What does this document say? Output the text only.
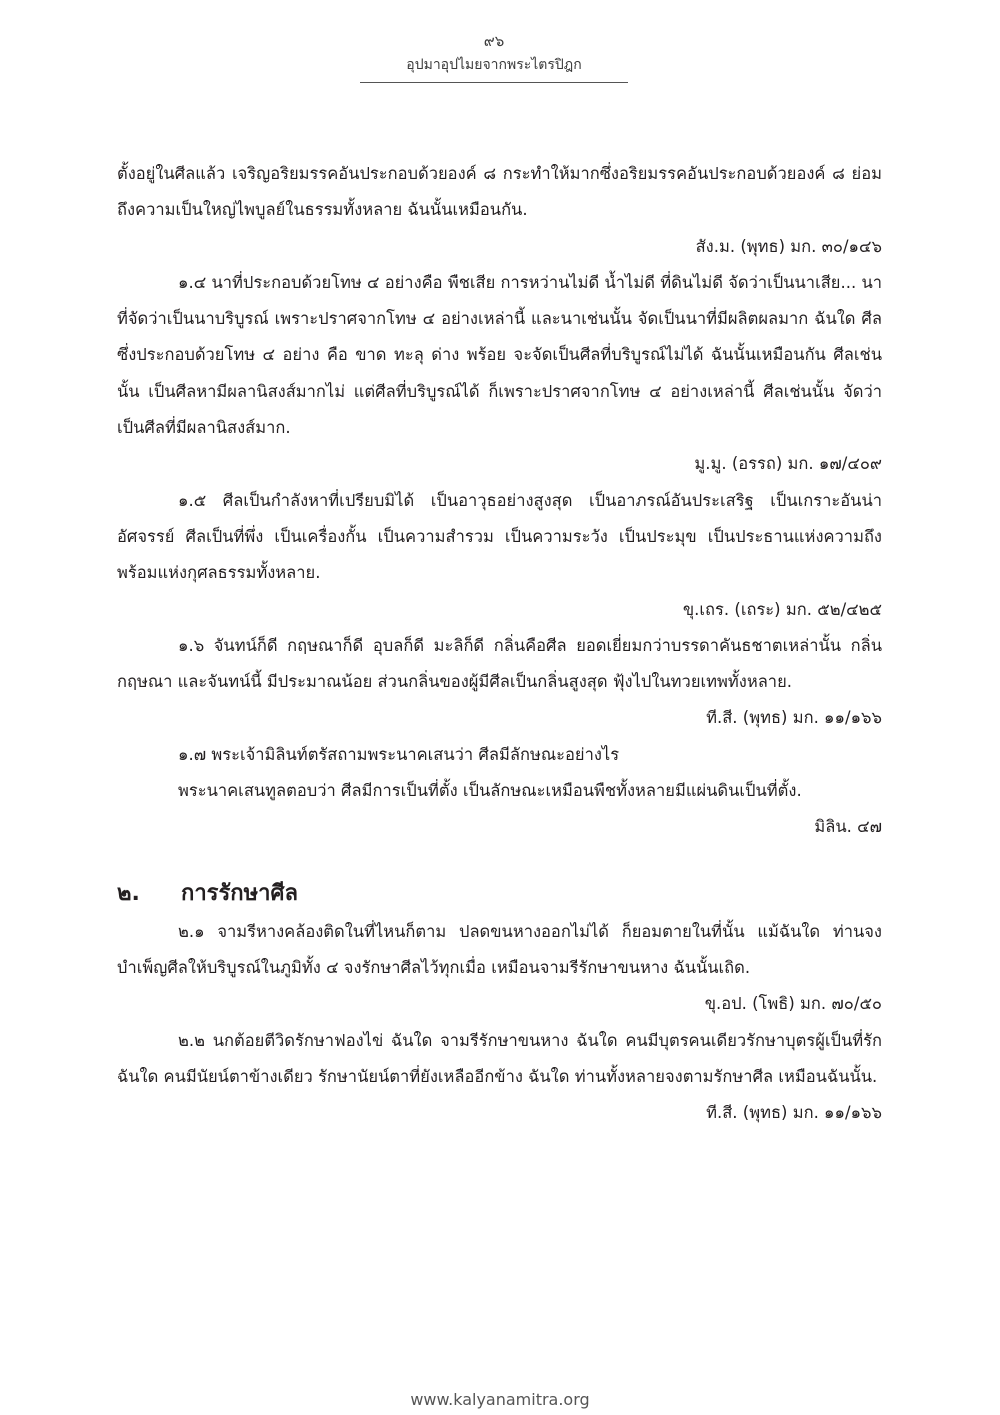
๙๖
อุปมาอุปไมยจากพระไตรปิฎก

ตั้งอยู่ในศีลแล้ว เจริญอริยมรรคอันประกอบด้วยองค์ ๘ กระทำให้มากซึ่งอริยมรรคอันประกอบด้วยองค์ ๘ ย่อมถึงความเป็นใหญ่ไพบูลย์ในธรรมทั้งหลาย ฉันนั้นเหมือนกัน.

สัง.ม. (พุทธ) มก. ๓๐/๑๔๖

๑.๔ นาที่ประกอบด้วยโทษ ๔ อย่างคือ พืชเสีย การหว่านไม่ดี น้ำไม่ดี ที่ดินไม่ดี จัดว่าเป็นนาเสีย... นาที่จัดว่าเป็นนาบริบูรณ์ เพราะปราศจากโทษ ๔ อย่างเหล่านี้ และนาเช่นนั้น จัดเป็นนาที่มีผลิตผลมาก ฉันใด ศีลซึ่งประกอบด้วยโทษ ๔ อย่าง คือ ขาด ทะลุ ด่าง พร้อย จะจัดเป็นศีลที่บริบูรณ์ไม่ได้ ฉันนั้นเหมือนกัน ศีลเช่นนั้น เป็นศีลหามีผลานิสงส์มากไม่ แต่ศีลที่บริบูรณ์ได้ ก็เพราะปราศจากโทษ ๔ อย่างเหล่านี้ ศีลเช่นนั้น จัดว่าเป็นศีลที่มีผลานิสงส์มาก.

มู.มู. (อรรถ) มก. ๑๗/๔๐๙

๑.๕ ศีลเป็นกำลังหาที่เปรียบมิได้ เป็นอาวุธอย่างสูงสุด เป็นอาภรณ์อันประเสริฐ เป็นเกราะอันน่าอัศจรรย์ ศีลเป็นที่พึ่ง เป็นเครื่องกั้น เป็นความสำรวม เป็นความระวัง เป็นประมุข เป็นประธานแห่งความถึงพร้อมแห่งกุศลธรรมทั้งหลาย.

ขุ.เถร. (เถระ) มก. ๕๒/๔๒๕

๑.๖ จันทน์ก็ดี กฤษณาก็ดี อุบลก็ดี มะลิก็ดี กลิ่นคือศีล ยอดเยี่ยมกว่าบรรดาคันธชาตเหล่านั้น กลิ่นกฤษณา และจันทน์นี้ มีประมาณน้อย ส่วนกลิ่นของผู้มีศีลเป็นกลิ่นสูงสุด ฟุ้งไปในทวยเทพทั้งหลาย.

ที.สี. (พุทธ) มก. ๑๑/๑๖๖

๑.๗ พระเจ้ามิลินท์ตรัสถามพระนาคเสนว่า ศีลมีลักษณะอย่างไร

พระนาคเสนทูลตอบว่า ศีลมีการเป็นที่ตั้ง เป็นลักษณะเหมือนพืชทั้งหลายมีแผ่นดินเป็นที่ตั้ง.

มิลิน. ๔๗

๒.	การรักษาศีล

๒.๑ จามรีหางคล้องติดในที่ไหนก็ตาม ปลดขนหางออกไม่ได้ ก็ยอมตายในที่นั้น แม้ฉันใด ท่านจงบำเพ็ญศีลให้บริบูรณ์ในภูมิทั้ง ๔ จงรักษาศีลไว้ทุกเมื่อ เหมือนจามรีรักษาขนหาง ฉันนั้นเถิด.

ขุ.อป. (โพธิ) มก. ๗๐/๕๐

๒.๒ นกต้อยตีวิดรักษาฟองไข่ ฉันใด จามรีรักษาขนหาง ฉันใด คนมีบุตรคนเดียวรักษาบุตรผู้เป็นที่รัก ฉันใด คนมีนัยน์ตาข้างเดียว รักษานัยน์ตาที่ยังเหลืออีกข้าง ฉันใด ท่านทั้งหลายจงตามรักษาศีล เหมือนฉันนั้น.

ที.สี. (พุทธ) มก. ๑๑/๑๖๖

www.kalyanamitra.org
